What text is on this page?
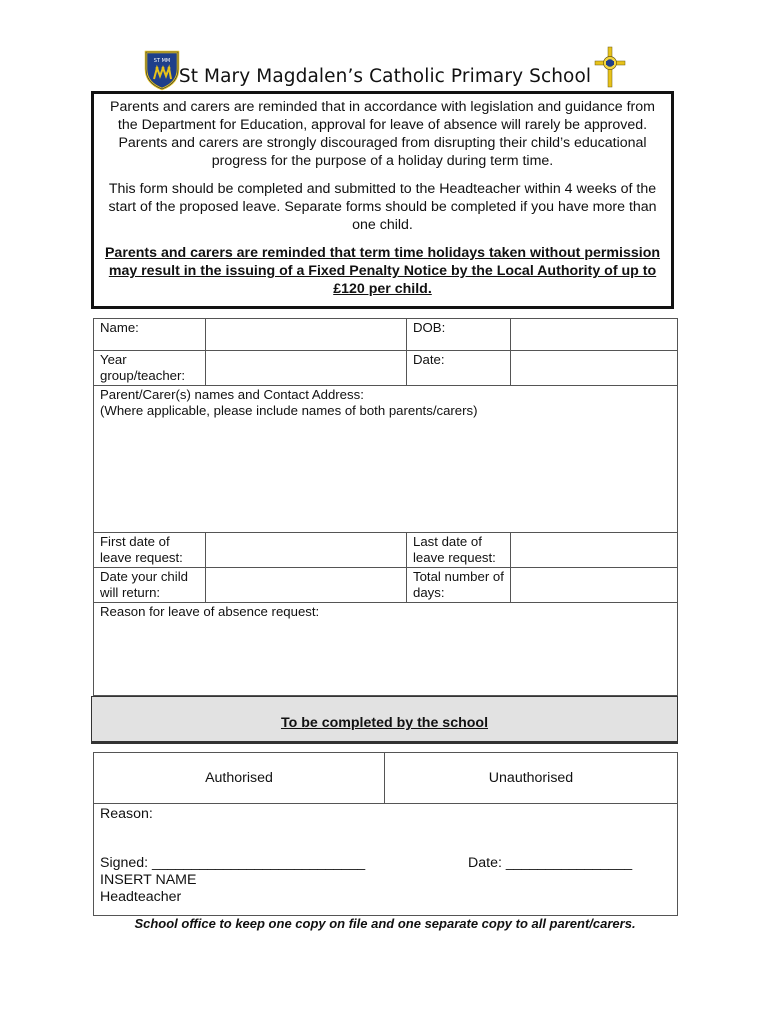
ST MM
St Mary Magdalen’s Catholic Primary School

Parents and carers are reminded that in accordance with legislation and guidance from the Department for Education, approval for leave of absence will rarely be approved. Parents and carers are strongly discouraged from disrupting their child’s educational progress for the purpose of a holiday during term time.

This form should be completed and submitted to the Headteacher within 4 weeks of the start of the proposed leave. Separate forms should be completed if you have more than one child.

Parents and carers are reminded that term time holidays taken without permission may result in the issuing of a Fixed Penalty Notice by the Local Authority of up to £120 per child.

Name:		DOB:	
Year group/teacher:		Date:	

Parent/Carer(s) names and Contact Address:
(Where applicable, please include names of both parents/carers)			

First date of leave request:		Last date of leave request:	
Date your child will return:		Total number of days:	

Reason for leave of absence request:			
To be completed by the school
Authorised	Unauthorised

Reason:
Signed: ___________________________	Date: ________________
INSERT NAME
Headteacher
School office to keep one copy on file and one separate copy to all parent/carers.
